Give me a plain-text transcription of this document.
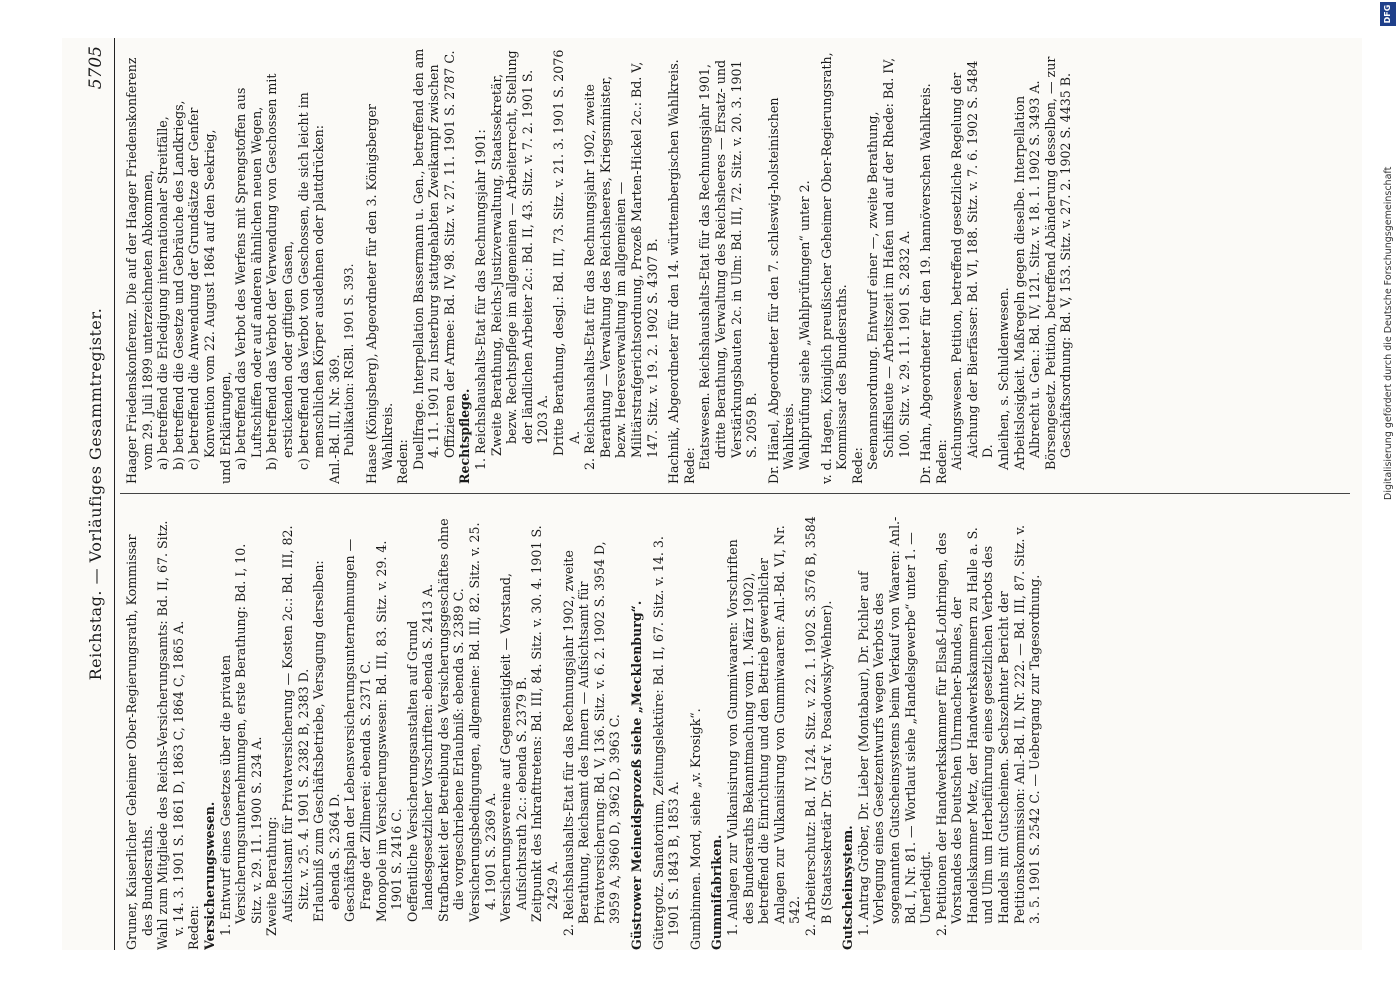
Reichstag. — Vorläufiges Gesammtregister.
5705

Gruner, Kaiserlicher Geheimer Ober-Regierungsrath, Kommissar des Bundesraths. Wahl zum Mitgliede des Reichs-Versicherungsamts: Bd. II, 67. Sitz. v. 14. 3. 1901 S. 1861 D, 1863 C, 1864 C, 1865 A. Reden: Versicherungswesen. 1. Entwurf eines Gesetzes über die privaten Versicherungsunternehmungen, erste Berathung: Bd. I, 10. Sitz. v. 29. 11. 1900 S. 234 A. Zweite Berathung: Aufsichtsamt für Privatversicherung — Kosten 2c.: Bd. III, 82. Sitz. v. 25. 4. 1901 S. 2382 B, 2383 D. Erlaubniß zum Geschäftsbetriebe, Versagung derselben: ebenda S. 2364 D. Geschäftsplan der Lebensversicherungsunternehmungen — Frage der Zillmerei: ebenda S. 2371 C. Monopole im Versicherungswesen: Bd. III, 83. Sitz. v. 29. 4. 1901 S. 2416 C. Oeffentliche Versicherungsanstalten auf Grund landesgesetzlicher Vorschriften: ebenda S. 2413 A. Strafbarkeit der Betreibung des Versicherungsgeschäftes ohne die vorgeschriebene Erlaubniß: ebenda S. 2389 C. Versicherungsbedingungen, allgemeine: Bd. III, 82. Sitz. v. 25. 4. 1901 S. 2369 A. Versicherungsvereine auf Gegenseitigkeit — Vorstand, Aufsichtsrath 2c.: ebenda S. 2379 B. Zeitpunkt des Inkrafttretens: Bd. III, 84. Sitz. v. 30. 4. 1901 S. 2429 A. 2. Reichshaushalts-Etat für das Rechnungsjahr 1902, zweite Berathung, Reichsamt des Innern — Aufsichtsamt für Privatversicherung: Bd. V, 136. Sitz. v. 6. 2. 1902 S. 3954 D, 3959 A, 3960 D, 3962 D, 3963 C. Güstrower Meineidsprozeß siehe „Mecklenburg“. Gütergotz. Sanatorium, Zeitungslektüre: Bd. II, 67. Sitz. v. 14. 3. 1901 S. 1843 B, 1853 A. Gumbinnen. Mord, siehe „v. Krosigk“. Gummifabriken. 1. Anlagen zur Vulkanisirung von Gummiwaaren: Vorschriften des Bundesraths Bekanntmachung vom 1. März 1902), betreffend die Einrichtung und den Betrieb gewerblicher Anlagen zur Vulkanisirung von Gummiwaaren: Anl.-Bd. VI, Nr. 542. 2. Arbeiterschutz: Bd. IV, 124. Sitz. v. 22. 1. 1902 S. 3576 B, 3584 B (Staatssekretär Dr. Graf v. Posadowsky-Wehner). Gutscheinsystem. 1. Antrag Gröber, Dr. Lieber (Montabaur), Dr. Pichler auf Vorlegung eines Gesetzentwurfs wegen Verbots des sogenannten Gutscheinsystems beim Verkauf von Waaren: Anl.-Bd. I, Nr. 81. — Wortlaut siehe „Handelsgewerbe“ unter 1. — Unerledigt. 2. Petitionen der Handwerkskammer für Elsaß-Lothringen, des Vorstandes des Deutschen Uhrmacher-Bundes, der Handelskammer Metz, der Handwerkskammern zu Halle a. S. und Ulm um Herbeiführung eines gesetzlichen Verbots des Handels mit Gutscheinen. Sechszehnter Bericht der Petitionskommission: Anl.-Bd. II, Nr. 222. — Bd. III, 87. Sitz. v. 3. 5. 1901 S. 2542 C. — Uebergang zur Tagesordnung.

Haager Friedenskonferenz. Die auf der Haager Friedenskonferenz vom 29. Juli 1899 unterzeichneten Abkommen, a) betreffend die Erledigung internationaler Streitfälle, b) betreffend die Gesetze und Gebräuche des Landkriegs, c) betreffend die Anwendung der Grundsätze der Genfer Konvention vom 22. August 1864 auf den Seekrieg, und Erklärungen, a) betreffend das Verbot des Werfens mit Sprengstoffen aus Luftschiffen oder auf anderen ähnlichen neuen Wegen, b) betreffend das Verbot der Verwendung von Geschossen mit erstickenden oder giftigen Gasen, c) betreffend das Verbot von Geschossen, die sich leicht im menschlichen Körper ausdehnen oder plattdrücken: Anl.-Bd. III, Nr. 369. Publikation: RGBl. 1901 S. 393. Haase (Königsberg), Abgeordneter für den 3. Königsberger Wahlkreis. Reden: Duellfrage. Interpellation Bassermann u. Gen., betreffend den am 4. 11. 1901 zu Insterburg stattgehabten Zweikampf zwischen Offizieren der Armee: Bd. IV, 98. Sitz. v. 27. 11. 1901 S. 2787 C. Rechtspflege. 1. Reichshaushalts-Etat für das Rechnungsjahr 1901: Zweite Berathung, Reichs-Justizverwaltung, Staatssekretär, bezw. Rechtspflege im allgemeinen — Arbeiterrecht, Stellung der ländlichen Arbeiter 2c.: Bd. II, 43. Sitz. v. 7. 2. 1901 S. 1203 A. Dritte Berathung, desgl.: Bd. III, 73. Sitz. v. 21. 3. 1901 S. 2076 A. 2. Reichshaushalts-Etat für das Rechnungsjahr 1902, zweite Berathung — Verwaltung des Reichsheeres, Kriegsminister, bezw. Heeresverwaltung im allgemeinen — Militärstrafgerichtsordnung, Prozeß Marten-Hickel 2c.: Bd. V, 147. Sitz. v. 19. 2. 1902 S. 4307 B. Hachnik, Abgeordneter für den 14. württembergischen Wahlkreis. Rede: Etatswesen. Reichshaushalts-Etat für das Rechnungsjahr 1901, dritte Berathung, Verwaltung des Reichsheeres — Ersatz- und Verstärkungsbauten 2c. in Ulm: Bd. III, 72. Sitz. v. 20. 3. 1901 S. 2059 B. Dr. Hänel, Abgeordneter für den 7. schleswig-holsteinischen Wahlkreis. Wahlprüfung siehe „Wahlprüfungen“ unter 2. v. d. Hagen, Königlich preußischer Geheimer Ober-Regierungsrath, Kommissar des Bundesraths. Rede: Seemannsordnung. Entwurf einer —, zweite Berathung, Schiffsleute — Arbeitszeit im Hafen und auf der Rhede: Bd. IV, 100. Sitz. v. 29. 11. 1901 S. 2832 A. Dr. Hahn, Abgeordneter für den 19. hannöverschen Wahlkreis. Reden: Aichungswesen. Petition, betreffend gesetzliche Regelung der Aichung der Bierfässer: Bd. VI, 188. Sitz. v. 7. 6. 1902 S. 5484 D. Anleihen, s. Schuldenwesen. Arbeitslosigkeit. Maßregeln gegen dieselbe. Interpellation Albrecht u. Gen.: Bd. IV, 121. Sitz. v. 18. 1. 1902 S. 3493 A. Börsengesetz. Petition, betreffend Abänderung desselben, — zur Geschäftsordnung: Bd. V, 153. Sitz. v. 27. 2. 1902 S. 4435 B.

DFG
Digitalisierung gefördert durch die Deutsche Forschungsgemeinschaft
